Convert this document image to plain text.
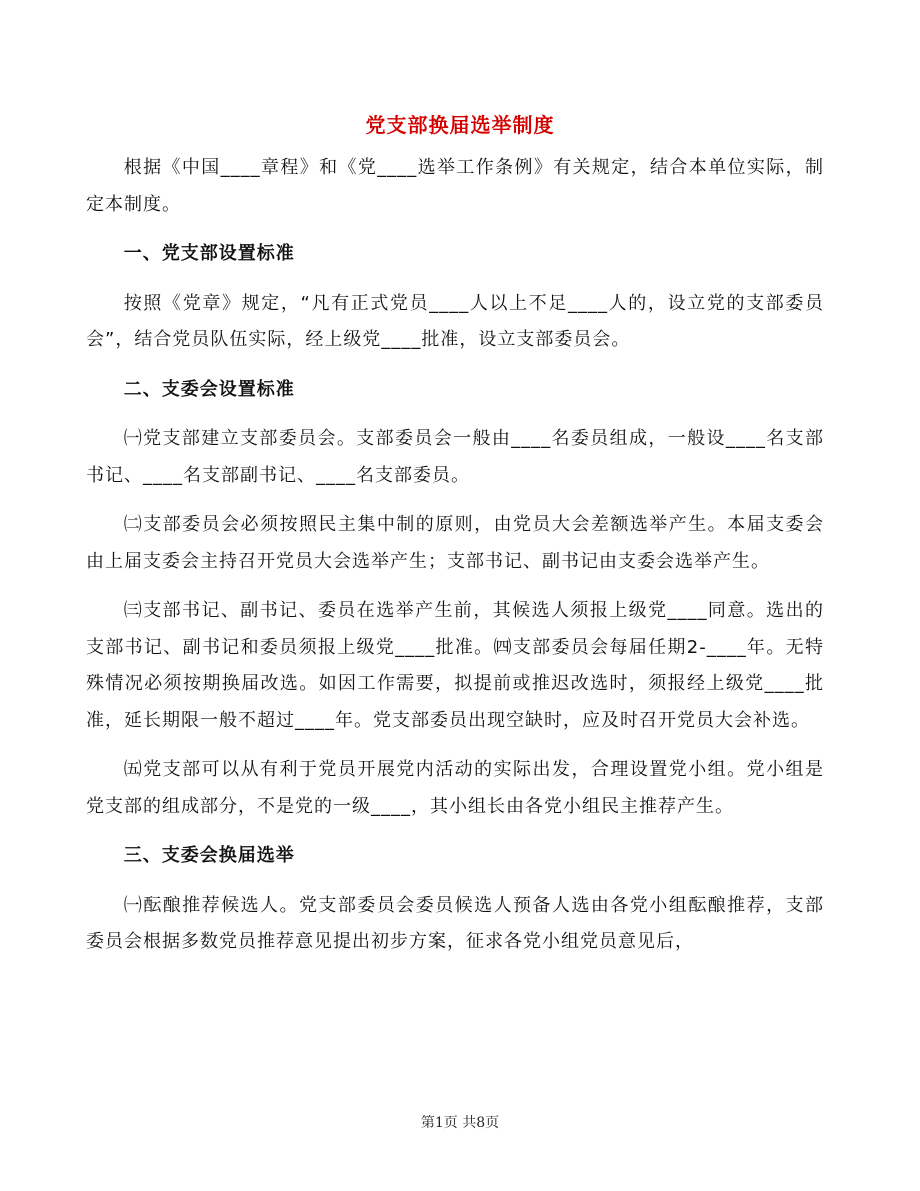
党支部换届选举制度

根据《中国____章程》和《党____选举工作条例》有关规定，结合本单位实际，制定本制度。

一、党支部设置标准

按照《党章》规定，“凡有正式党员____人以上不足____人的，设立党的支部委员会”，结合党员队伍实际，经上级党____批准，设立支部委员会。

二、支委会设置标准

㈠党支部建立支部委员会。支部委员会一般由____名委员组成，一般设____名支部书记、____名支部副书记、____名支部委员。

㈡支部委员会必须按照民主集中制的原则，由党员大会差额选举产生。本届支委会由上届支委会主持召开党员大会选举产生；支部书记、副书记由支委会选举产生。

㈢支部书记、副书记、委员在选举产生前，其候选人须报上级党____同意。选出的支部书记、副书记和委员须报上级党____批准。㈣支部委员会每届任期2-____年。无特殊情况必须按期换届改选。如因工作需要，拟提前或推迟改选时，须报经上级党____批准，延长期限一般不超过____年。党支部委员出现空缺时，应及时召开党员大会补选。

㈤党支部可以从有利于党员开展党内活动的实际出发，合理设置党小组。党小组是党支部的组成部分，不是党的一级____，其小组长由各党小组民主推荐产生。

三、支委会换届选举

㈠酝酿推荐候选人。党支部委员会委员候选人预备人选由各党小组酝酿推荐，支部委员会根据多数党员推荐意见提出初步方案，征求各党小组党员意见后，

第1页 共8页
